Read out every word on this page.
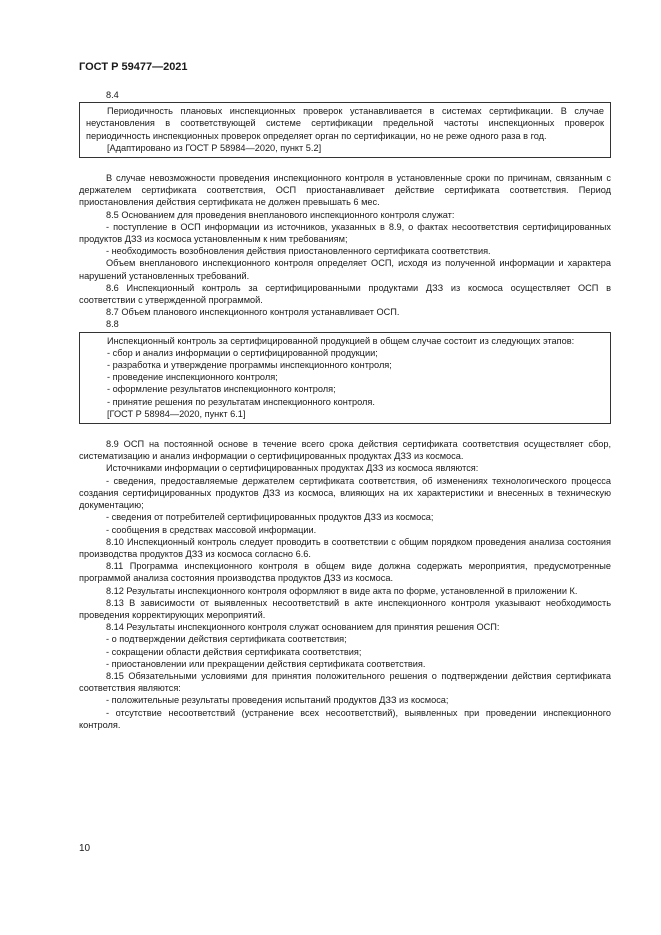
ГОСТ Р 59477—2021

8.4

Периодичность плановых инспекционных проверок устанавливается в системах сертификации. В случае неустановления в соответствующей системе сертификации предельной частоты инспекционных проверок периодичность инспекционных проверок определяет орган по сертификации, но не реже одного раза в год.

[Адаптировано из ГОСТ Р 58984—2020, пункт 5.2]

В случае невозможности проведения инспекционного контроля в установленные сроки по причинам, связанным с держателем сертификата соответствия, ОСП приостанавливает действие сертификата соответствия. Период приостановления действия сертификата не должен превышать 6 мес.

8.5 Основанием для проведения внепланового инспекционного контроля служат:

- поступление в ОСП информации из источников, указанных в 8.9, о фактах несоответствия сертифицированных продуктов ДЗЗ из космоса установленным к ним требованиям;

- необходимость возобновления действия приостановленного сертификата соответствия.

Объем внепланового инспекционного контроля определяет ОСП, исходя из полученной информации и характера нарушений установленных требований.

8.6 Инспекционный контроль за сертифицированными продуктами ДЗЗ из космоса осуществляет ОСП в соответствии с утвержденной программой.

8.7 Объем планового инспекционного контроля устанавливает ОСП.

8.8

Инспекционный контроль за сертифицированной продукцией в общем случае состоит из следующих этапов:

- сбор и анализ информации о сертифицированной продукции;

- разработка и утверждение программы инспекционного контроля;

- проведение инспекционного контроля;

- оформление результатов инспекционного контроля;

- принятие решения по результатам инспекционного контроля.

[ГОСТ Р 58984—2020, пункт 6.1]

8.9 ОСП на постоянной основе в течение всего срока действия сертификата соответствия осуществляет сбор, систематизацию и анализ информации о сертифицированных продуктах ДЗЗ из космоса.

Источниками информации о сертифицированных продуктах ДЗЗ из космоса являются:

- сведения, предоставляемые держателем сертификата соответствия, об изменениях технологического процесса создания сертифицированных продуктов ДЗЗ из космоса, влияющих на их характеристики и внесенных в техническую документацию;

- сведения от потребителей сертифицированных продуктов ДЗЗ из космоса;

- сообщения в средствах массовой информации.

8.10 Инспекционный контроль следует проводить в соответствии с общим порядком проведения анализа состояния производства продуктов ДЗЗ из космоса согласно 6.6.

8.11 Программа инспекционного контроля в общем виде должна содержать мероприятия, предусмотренные программой анализа состояния производства продуктов ДЗЗ из космоса.

8.12 Результаты инспекционного контроля оформляют в виде акта по форме, установленной в приложении К.

8.13 В зависимости от выявленных несоответствий в акте инспекционного контроля указывают необходимость проведения корректирующих мероприятий.

8.14 Результаты инспекционного контроля служат основанием для принятия решения ОСП:

- о подтверждении действия сертификата соответствия;

- сокращении области действия сертификата соответствия;

- приостановлении или прекращении действия сертификата соответствия.

8.15 Обязательными условиями для принятия положительного решения о подтверждении действия сертификата соответствия являются:

- положительные результаты проведения испытаний продуктов ДЗЗ из космоса;

- отсутствие несоответствий (устранение всех несоответствий), выявленных при проведении инспекционного контроля.

10
